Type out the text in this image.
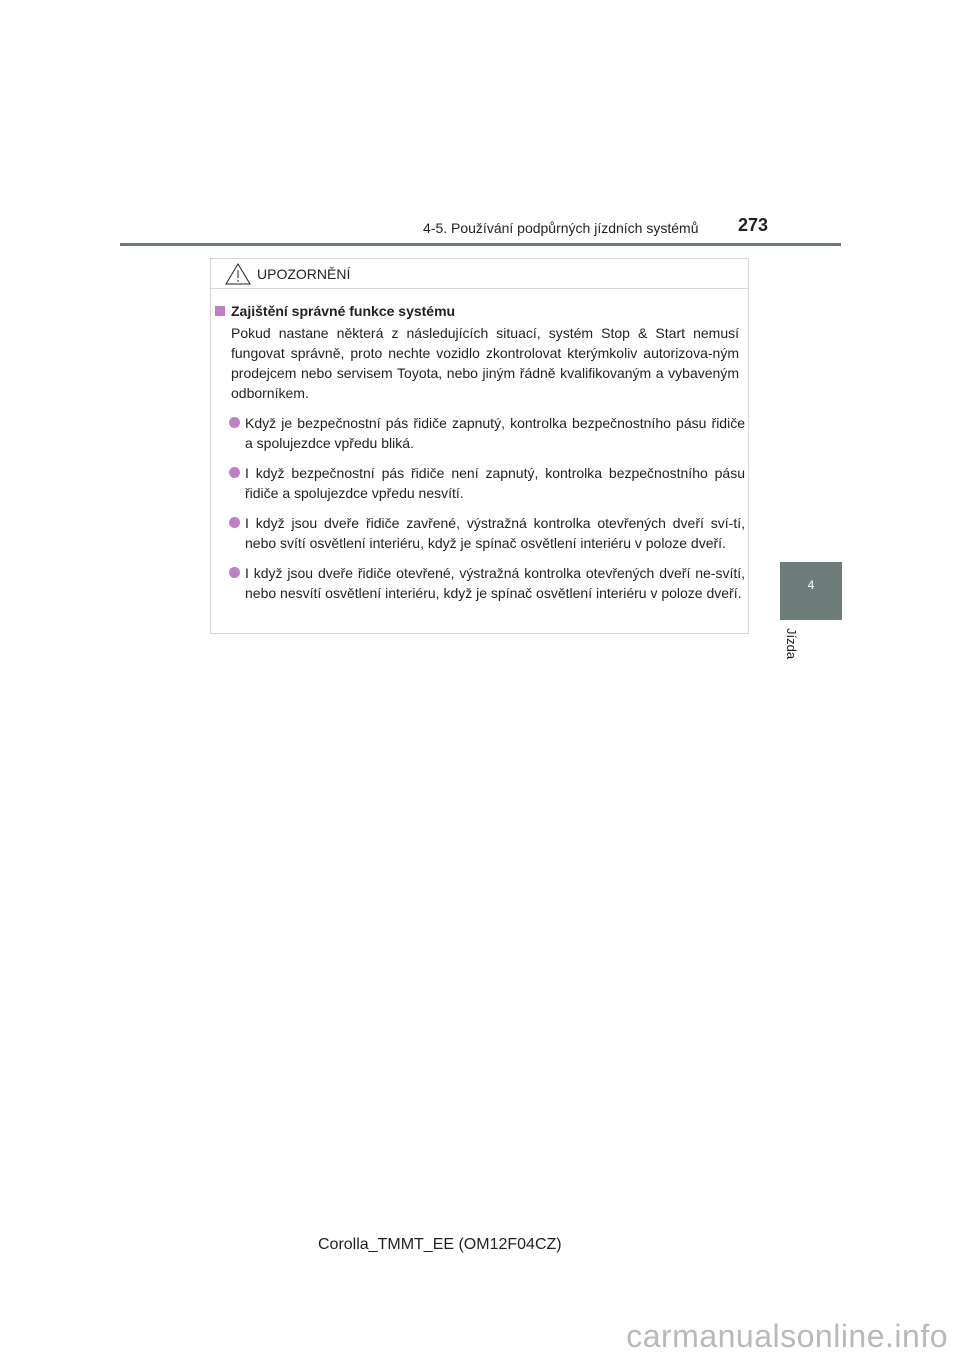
4-5. Používání podpůrných jízdních systémů 273
4
Jízda
UPOZORNĚNÍ
Zajištění správné funkce systému
Pokud nastane některá z následujících situací, systém Stop & Start nemusí fungovat správně, proto nechte vozidlo zkontrolovat kterýmkoliv autorizova-ným prodejcem nebo servisem Toyota, nebo jiným řádně kvalifikovaným a vybaveným odborníkem.
Když je bezpečnostní pás řidiče zapnutý, kontrolka bezpečnostního pásu řidiče a spolujezdce vpředu bliká.
I když bezpečnostní pás řidiče není zapnutý, kontrolka bezpečnostního pásu řidiče a spolujezdce vpředu nesvítí.
I když jsou dveře řidiče zavřené, výstražná kontrolka otevřených dveří sví-tí, nebo svítí osvětlení interiéru, když je spínač osvětlení interiéru v poloze dveří.
I když jsou dveře řidiče otevřené, výstražná kontrolka otevřených dveří ne-svítí, nebo nesvítí osvětlení interiéru, když je spínač osvětlení interiéru v poloze dveří.
Corolla_TMMT_EE (OM12F04CZ)
carmanualsonline.info
